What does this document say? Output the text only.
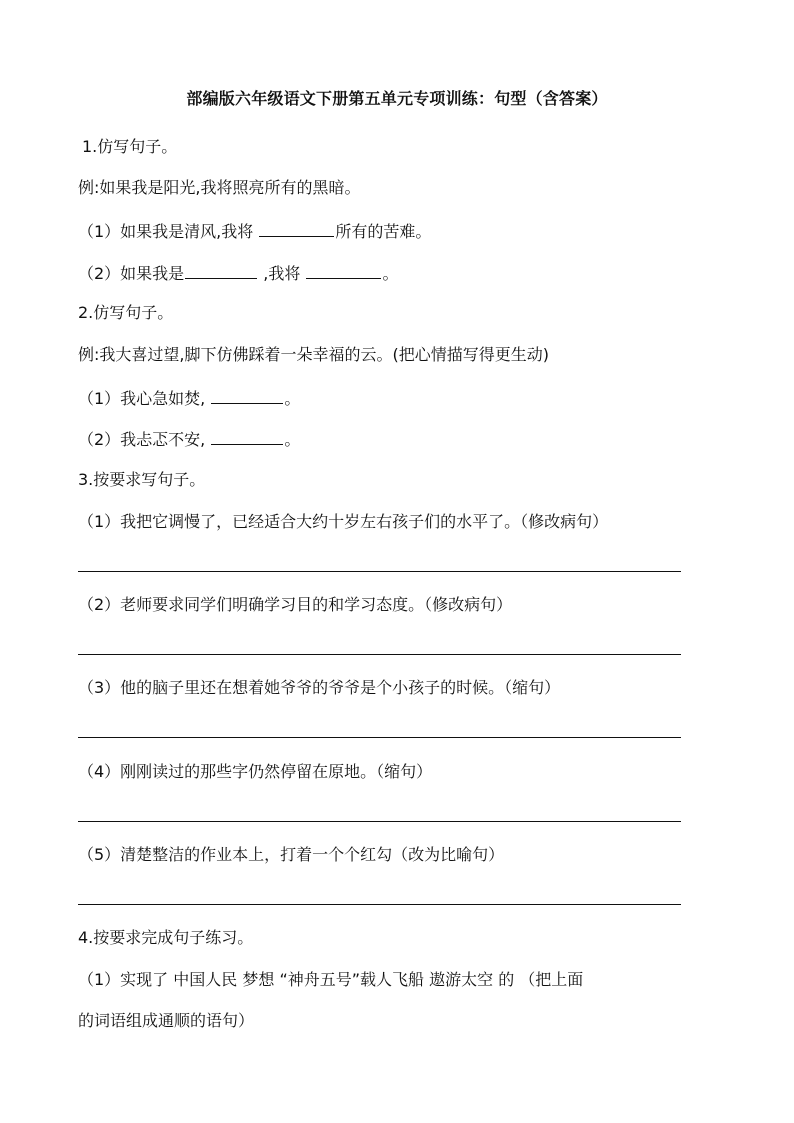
部编版六年级语文下册第五单元专项训练：句型（含答案）
1.仿写句子。
例:如果我是阳光,我将照亮所有的黑暗。
（1）如果我是清风,我将	所有的苦难。
（2）如果我是	,我将	。
2.仿写句子。
例:我大喜过望,脚下仿佛踩着一朵幸福的云。(把心情描写得更生动)
（1）我心急如焚,	。
（2）我忐忑不安,	。
3.按要求写句子。
（1）我把它调慢了，已经适合大约十岁左右孩子们的水平了。（修改病句）
（2）老师要求同学们明确学习目的和学习态度。（修改病句）
（3）他的脑子里还在想着她爷爷的爷爷是个小孩子的时候。（缩句）
（4）刚刚读过的那些字仍然停留在原地。（缩句）
（5）清楚整洁的作业本上，打着一个个红勾（改为比喻句）
4.按要求完成句子练习。
（1）实现了 中国人民 梦想 “神舟五号”载人飞船 遨游太空 的 （把上面
的词语组成通顺的语句）
